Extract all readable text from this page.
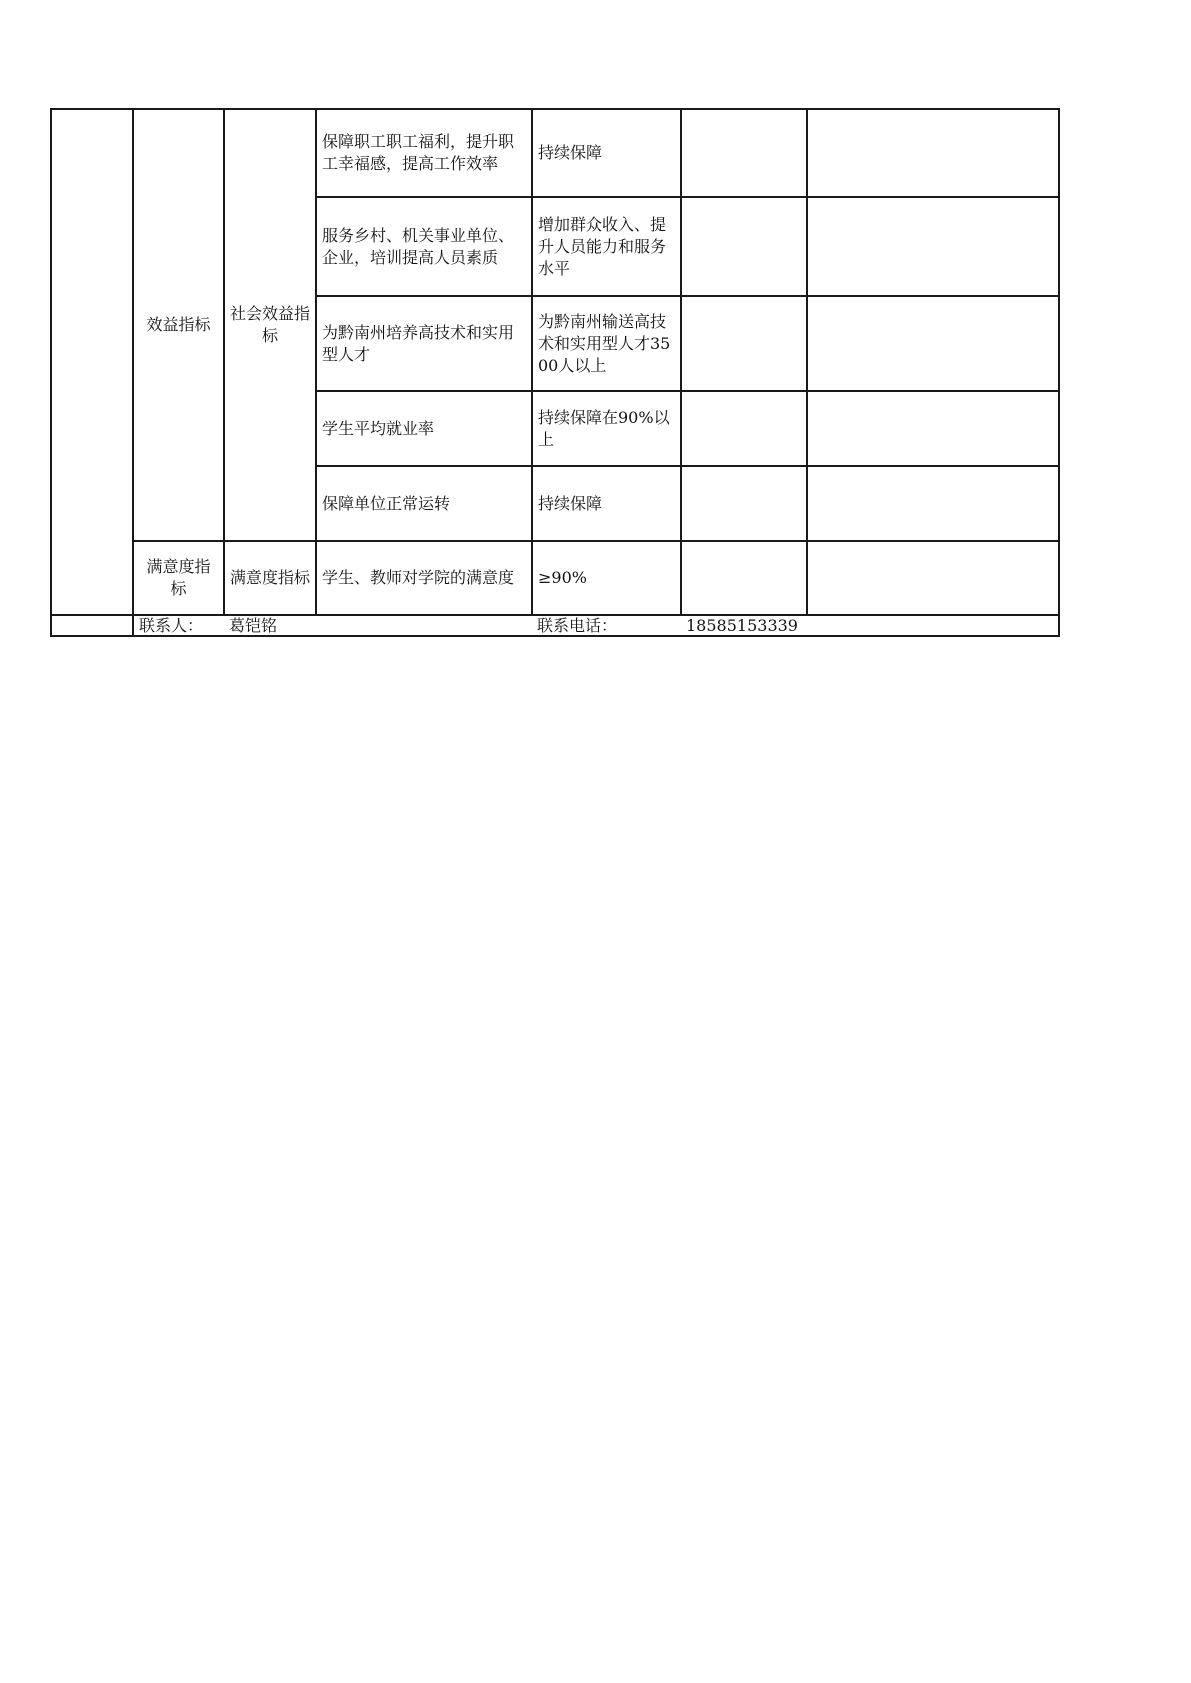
	效益指标	社会效益指标	保障职工职工福利，提升职工幸福感，提高工作效率	持续保障		
			服务乡村、机关事业单位、企业，培训提高人员素质	增加群众收入、提升人员能力和服务水平		
			为黔南州培养高技术和实用型人才	为黔南州输送高技术和实用型人才3500人以上		
			学生平均就业率	持续保障在90%以上		
			保障单位正常运转	持续保障		
	满意度指标	满意度指标	学生、教师对学院的满意度	≥90%		
	联系人：	葛铠铭		联系电话：	18585153339	
